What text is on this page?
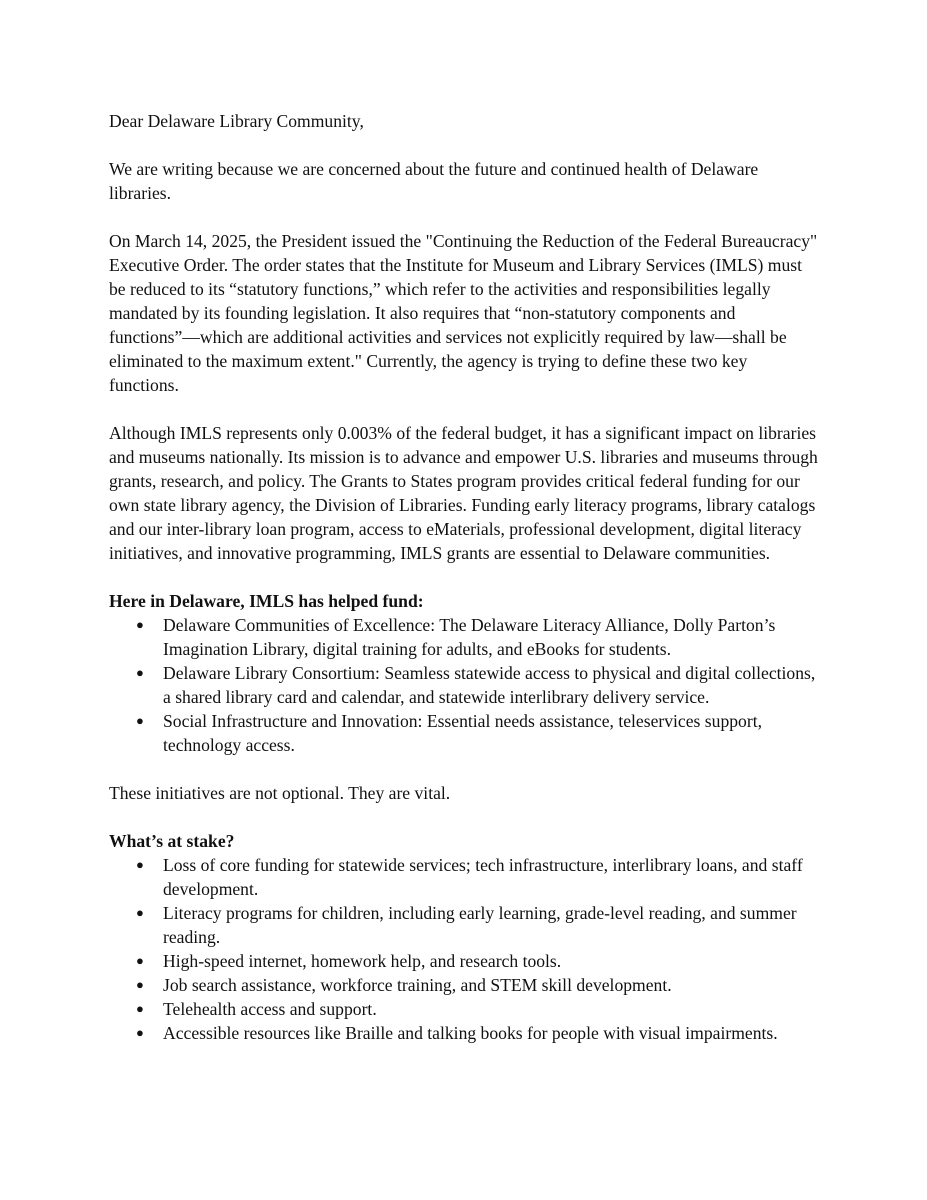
Dear Delaware Library Community,

We are writing because we are concerned about the future and continued health of Delaware libraries.

On March 14, 2025, the President issued the "Continuing the Reduction of the Federal Bureaucracy" Executive Order. The order states that the Institute for Museum and Library Services (IMLS) must be reduced to its “statutory functions,” which refer to the activities and responsibilities legally mandated by its founding legislation. It also requires that “non-statutory components and functions”—which are additional activities and services not explicitly required by law—shall be eliminated to the maximum extent." Currently, the agency is trying to define these two key functions.

Although IMLS represents only 0.003% of the federal budget, it has a significant impact on libraries and museums nationally. Its mission is to advance and empower U.S. libraries and museums through grants, research, and policy. The Grants to States program provides critical federal funding for our own state library agency, the Division of Libraries. Funding early literacy programs, library catalogs and our inter-library loan program, access to eMaterials, professional development, digital literacy initiatives, and innovative programming, IMLS grants are essential to Delaware communities.

Here in Delaware, IMLS has helped fund:

● Delaware Communities of Excellence: The Delaware Literacy Alliance, Dolly Parton’s Imagination Library, digital training for adults, and eBooks for students.
● Delaware Library Consortium: Seamless statewide access to physical and digital collections, a shared library card and calendar, and statewide interlibrary delivery service.
● Social Infrastructure and Innovation: Essential needs assistance, teleservices support, technology access.

These initiatives are not optional. They are vital.

What’s at stake?

● Loss of core funding for statewide services; tech infrastructure, interlibrary loans, and staff development.
● Literacy programs for children, including early learning, grade-level reading, and summer reading.
● High-speed internet, homework help, and research tools.
● Job search assistance, workforce training, and STEM skill development.
● Telehealth access and support.
● Accessible resources like Braille and talking books for people with visual impairments.
